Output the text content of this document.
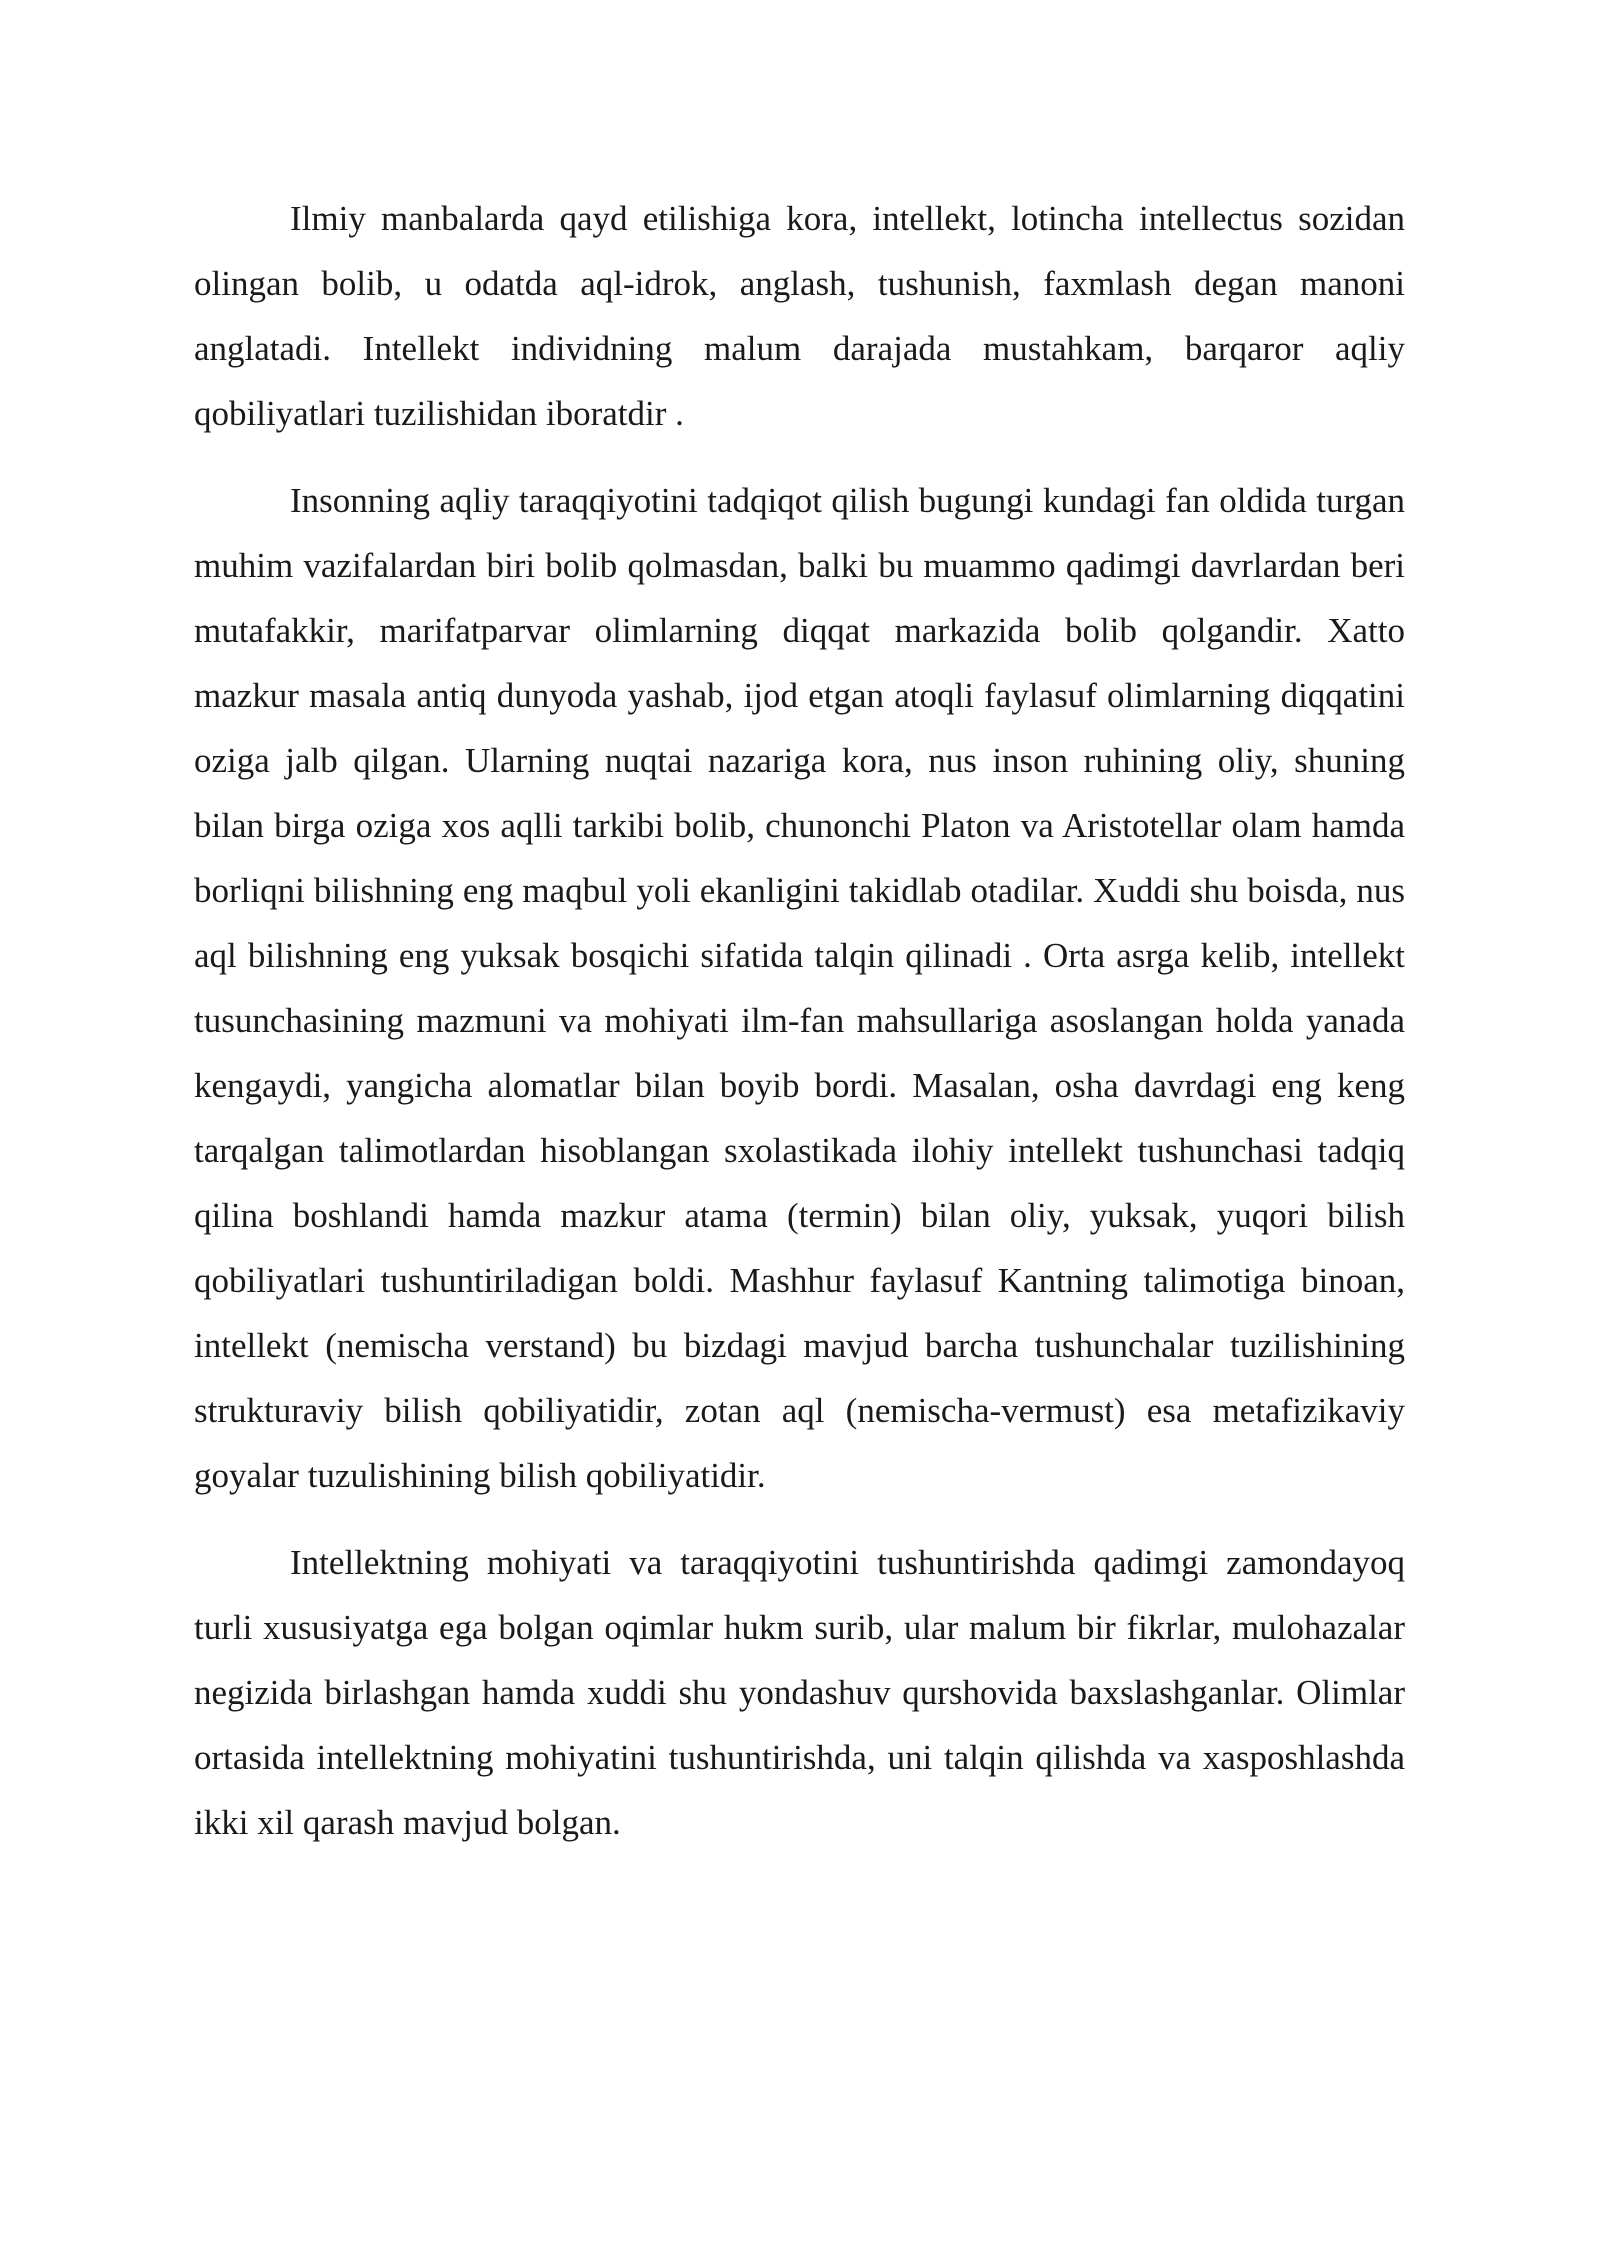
Ilmiy manbalarda qayd etilishiga kora, intellekt, lotincha intellectus sozidan olingan bolib, u odatda aql-idrok, anglash, tushunish, faxmlash degan manoni anglatadi. Intellekt individning malum darajada mustahkam, barqaror aqliy qobiliyatlari tuzilishidan iboratdir .

Insonning aqliy taraqqiyotini tadqiqot qilish bugungi kundagi fan oldida turgan muhim vazifalardan biri bolib qolmasdan, balki bu muammo qadimgi davrlardan beri mutafakkir, marifatparvar olimlarning diqqat markazida bolib qolgandir. Xatto mazkur masala antiq dunyoda yashab, ijod etgan atoqli faylasuf olimlarning diqqatini oziga jalb qilgan. Ularning nuqtai nazariga kora, nus inson ruhining oliy, shuning bilan birga oziga xos aqlli tarkibi bolib, chunonchi Platon va Aristotellar olam hamda borliqni bilishning eng maqbul yoli ekanligini takidlab otadilar. Xuddi shu boisda, nus aql bilishning eng yuksak bosqichi sifatida talqin qilinadi . Orta asrga kelib, intellekt tusunchasining mazmuni va mohiyati ilm-fan mahsullariga asoslangan holda yanada kengaydi, yangicha alomatlar bilan boyib bordi. Masalan, osha davrdagi eng keng tarqalgan talimotlardan hisoblangan sxolastikada ilohiy intellekt tushunchasi tadqiq qilina boshlandi hamda mazkur atama (termin) bilan oliy, yuksak, yuqori bilish qobiliyatlari tushuntiriladigan boldi. Mashhur faylasuf Kantning talimotiga binoan, intellekt (nemischa verstand) bu bizdagi mavjud barcha tushunchalar tuzilishining strukturaviy bilish qobiliyatidir, zotan aql (nemischa-vermust) esa metafizikaviy goyalar tuzulishining bilish qobiliyatidir.

Intellektning mohiyati va taraqqiyotini tushuntirishda qadimgi zamondayoq turli xususiyatga ega bolgan oqimlar hukm surib, ular malum bir fikrlar, mulohazalar negizida birlashgan hamda xuddi shu yondashuv qurshovida baxslashganlar. Olimlar ortasida intellektning mohiyatini tushuntirishda, uni talqin qilishda va xasposhlashda ikki xil qarash mavjud bolgan.
